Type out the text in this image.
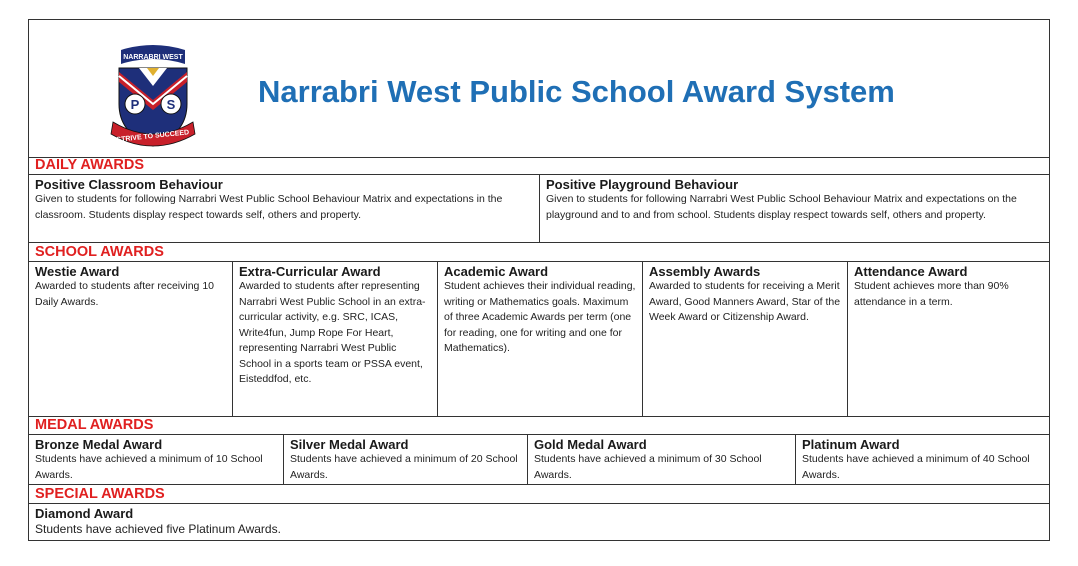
NARRABRI WEST
P S
STRIVE TO SUCCEED
Narrabri West Public School Award System
DAILY AWARDS
Positive Classroom Behaviour
Given to students for following Narrabri West Public School Behaviour Matrix and expectations in the classroom. Students display respect towards self, others and property.
Positive Playground Behaviour
Given to students for following Narrabri West Public School Behaviour Matrix and expectations on the playground and to and from school. Students display respect towards self, others and property.
SCHOOL AWARDS
Westie Award
Awarded to students after receiving 10 Daily Awards.
Extra-Curricular Award
Awarded to students after representing Narrabri West Public School in an extra-curricular activity, e.g. SRC, ICAS, Write4fun, Jump Rope For Heart, representing Narrabri West Public School in a sports team or PSSA event, Eisteddfod, etc.
Academic Award
Student achieves their individual reading, writing or Mathematics goals. Maximum of three Academic Awards per term (one for reading, one for writing and one for Mathematics).
Assembly Awards
Awarded to students for receiving a Merit Award, Good Manners Award, Star of the Week Award or Citizenship Award.
Attendance Award
Student achieves more than 90% attendance in a term.
MEDAL AWARDS
Bronze Medal Award
Students have achieved a minimum of 10 School Awards.
Silver Medal Award
Students have achieved a minimum of 20 School Awards.
Gold Medal Award
Students have achieved a minimum of 30 School Awards.
Platinum Award
Students have achieved a minimum of 40 School Awards.
SPECIAL AWARDS
Diamond Award
Students have achieved five Platinum Awards.
